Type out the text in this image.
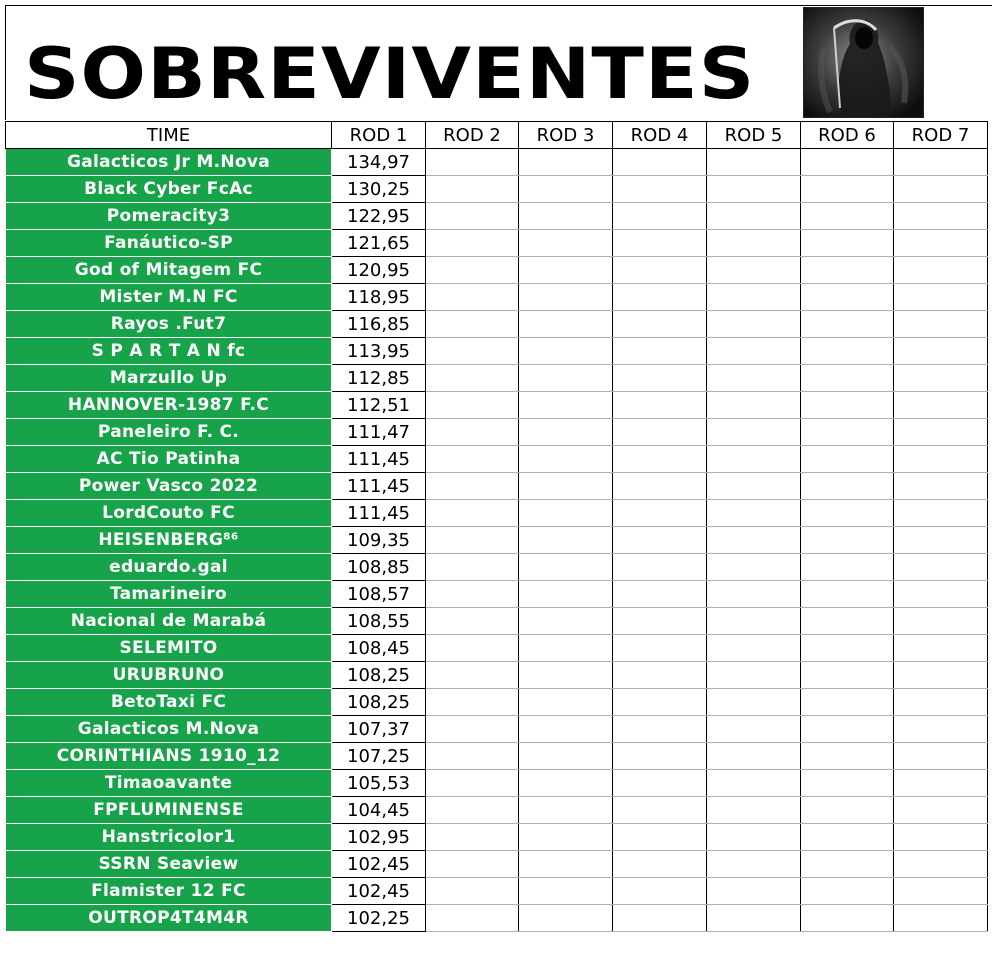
SOBREVIVENTES
TIME	ROD 1	ROD 2	ROD 3	ROD 4	ROD 5	ROD 6	ROD 7
Galacticos Jr M.Nova	134,97						
Black Cyber FcAc	130,25						
Pomeracity3	122,95						
Fanáutico-SP	121,65						
God of Mitagem FC	120,95						
Mister M.N FC	118,95						
Rayos .Fut7	116,85						
S P A R T A N fc	113,95						
Marzullo Up	112,85						
HANNOVER-1987 F.C	112,51						
Paneleiro F. C.	111,47						
AC Tio Patinha	111,45						
Power Vasco 2022	111,45						
LordCouto FC	111,45						
HEISENBERG⁸⁶	109,35						
eduardo.gal	108,85						
Tamarineiro	108,57						
Nacional de Marabá	108,55						
SELEMITO	108,45						
URUBRUNO	108,25						
BetoTaxi FC	108,25						
Galacticos M.Nova	107,37						
CORINTHIANS 1910_12	107,25						
Timaoavante	105,53						
FPFLUMINENSE	104,45						
Hanstricolor1	102,95						
SSRN Seaview	102,45						
Flamister 12 FC	102,45						
OUTROP4T4M4R	102,25						
